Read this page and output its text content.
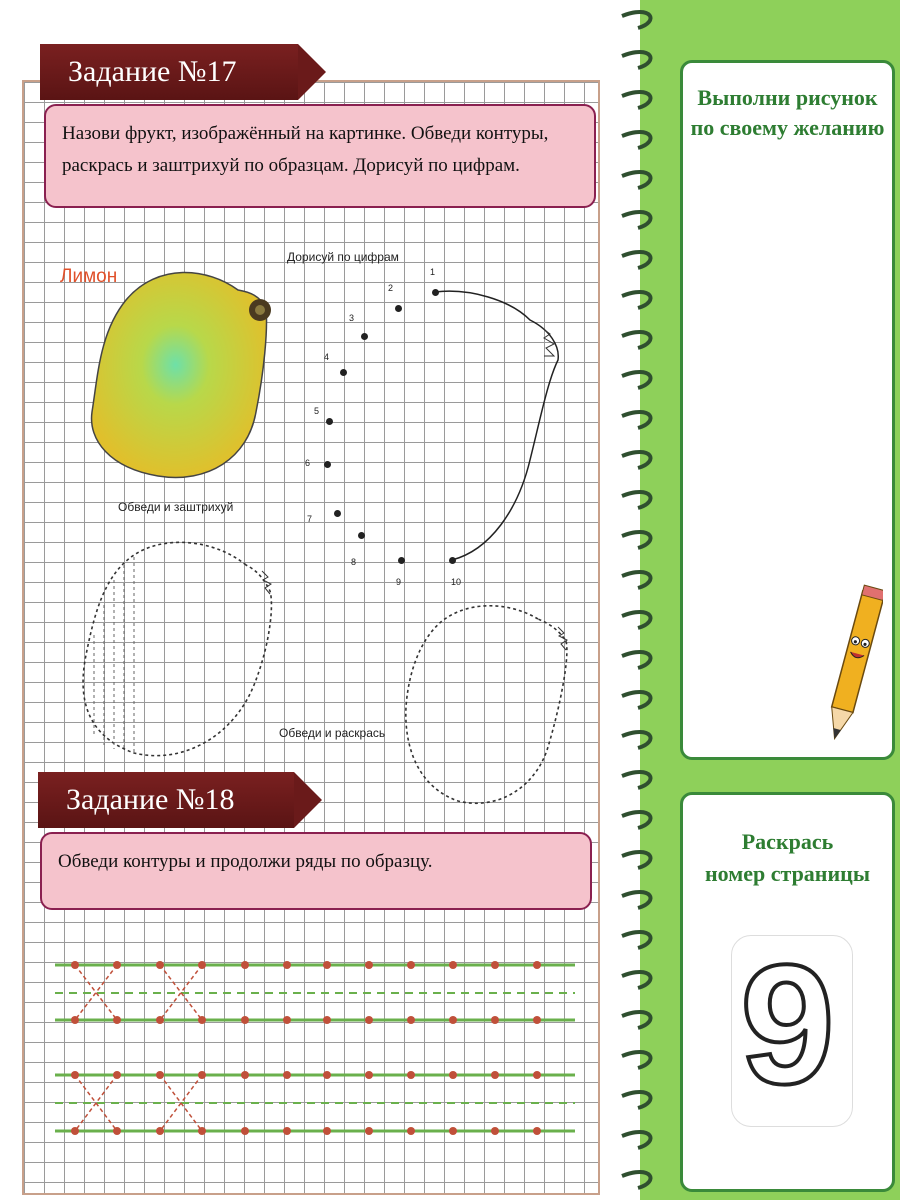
Задание №17
Назови фрукт, изображённый на картинке. Обведи контуры,
раскрась и заштрихуй по образцам. Дорисуй по цифрам.
Лимон
Дорисуй по цифрам
1
2
3
4
5
6
7
8
9	10
Обведи и заштрихуй
Обведи и раскрась
Задание №18
Обведи контуры и продолжи ряды по образцу.
Выполни рисунок
по своему желанию
Раскрась
номер страницы
9
